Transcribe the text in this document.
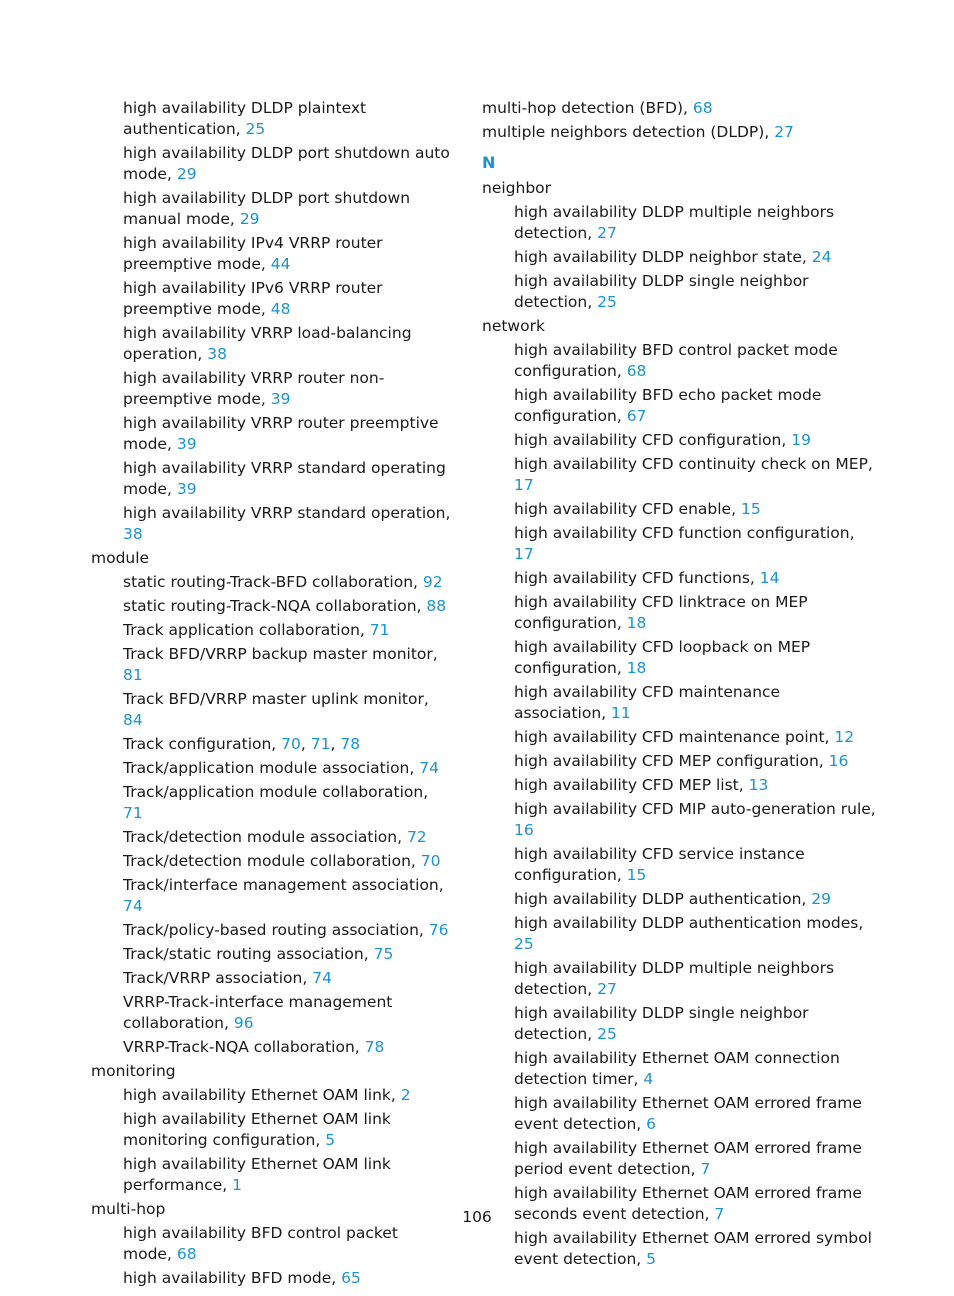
high availability DLDP plaintext authentication, 25
high availability DLDP port shutdown auto mode, 29
high availability DLDP port shutdown manual mode, 29
high availability IPv4 VRRP router preemptive mode, 44
high availability IPv6 VRRP router preemptive mode, 48
high availability VRRP load-balancing operation, 38
high availability VRRP router non-preemptive mode, 39
high availability VRRP router preemptive mode, 39
high availability VRRP standard operating mode, 39
high availability VRRP standard operation, 38
module
static routing-Track-BFD collaboration, 92
static routing-Track-NQA collaboration, 88
Track application collaboration, 71
Track BFD/VRRP backup master monitor, 81
Track BFD/VRRP master uplink monitor, 84
Track configuration, 70, 71, 78
Track/application module association, 74
Track/application module collaboration, 71
Track/detection module association, 72
Track/detection module collaboration, 70
Track/interface management association, 74
Track/policy-based routing association, 76
Track/static routing association, 75
Track/VRRP association, 74
VRRP-Track-interface management collaboration, 96
VRRP-Track-NQA collaboration, 78
monitoring
high availability Ethernet OAM link, 2
high availability Ethernet OAM link monitoring configuration, 5
high availability Ethernet OAM link performance, 1
multi-hop
high availability BFD control packet mode, 68
high availability BFD mode, 65
multi-hop detection (BFD), 68
multiple neighbors detection (DLDP), 27
N
neighbor
high availability DLDP multiple neighbors detection, 27
high availability DLDP neighbor state, 24
high availability DLDP single neighbor detection, 25
network
high availability BFD control packet mode configuration, 68
high availability BFD echo packet mode configuration, 67
high availability CFD configuration, 19
high availability CFD continuity check on MEP, 17
high availability CFD enable, 15
high availability CFD function configuration, 17
high availability CFD functions, 14
high availability CFD linktrace on MEP configuration, 18
high availability CFD loopback on MEP configuration, 18
high availability CFD maintenance association, 11
high availability CFD maintenance point, 12
high availability CFD MEP configuration, 16
high availability CFD MEP list, 13
high availability CFD MIP auto-generation rule, 16
high availability CFD service instance configuration, 15
high availability DLDP authentication, 29
high availability DLDP authentication modes, 25
high availability DLDP multiple neighbors detection, 27
high availability DLDP single neighbor detection, 25
high availability Ethernet OAM connection detection timer, 4
high availability Ethernet OAM errored frame event detection, 6
high availability Ethernet OAM errored frame period event detection, 7
high availability Ethernet OAM errored frame seconds event detection, 7
high availability Ethernet OAM errored symbol event detection, 5
106
